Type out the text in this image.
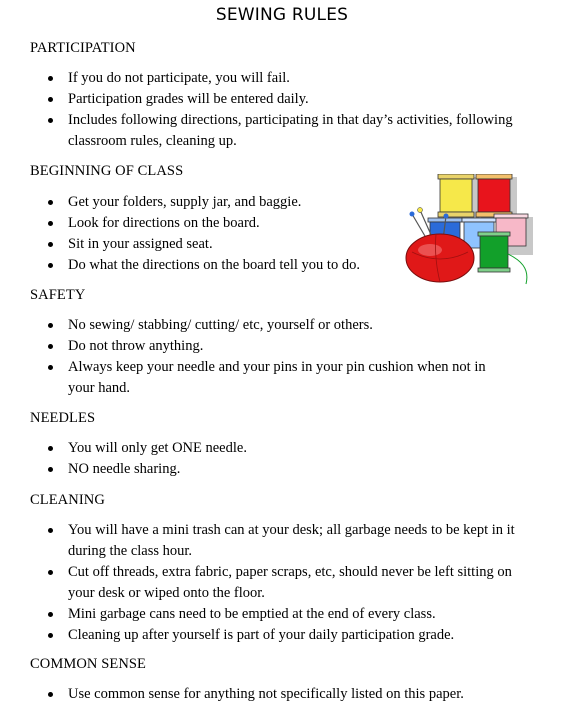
SEWING RULES
PARTICIPATION
If you do not participate, you will fail.
Participation grades will be entered daily.
Includes following directions, participating in that day’s activities, following classroom rules, cleaning up.
BEGINNING OF CLASS
Get your folders, supply jar, and baggie.
Look for directions on the board.
Sit in your assigned seat.
Do what the directions on the board tell you to do.
SAFETY
No sewing/ stabbing/ cutting/ etc, yourself or others.
Do not throw anything.
Always keep your needle and your pins in your pin cushion when not in your hand.
NEEDLES
You will only get ONE needle.
NO needle sharing.
CLEANING
You will have a mini trash can at your desk; all garbage needs to be kept in it during the class hour.
Cut off threads, extra fabric, paper scraps, etc, should never be left sitting on your desk or wiped onto the floor.
Mini garbage cans need to be emptied at the end of every class.
Cleaning up after yourself is part of your daily participation grade.
COMMON SENSE
Use common sense for anything not specifically listed on this paper.
